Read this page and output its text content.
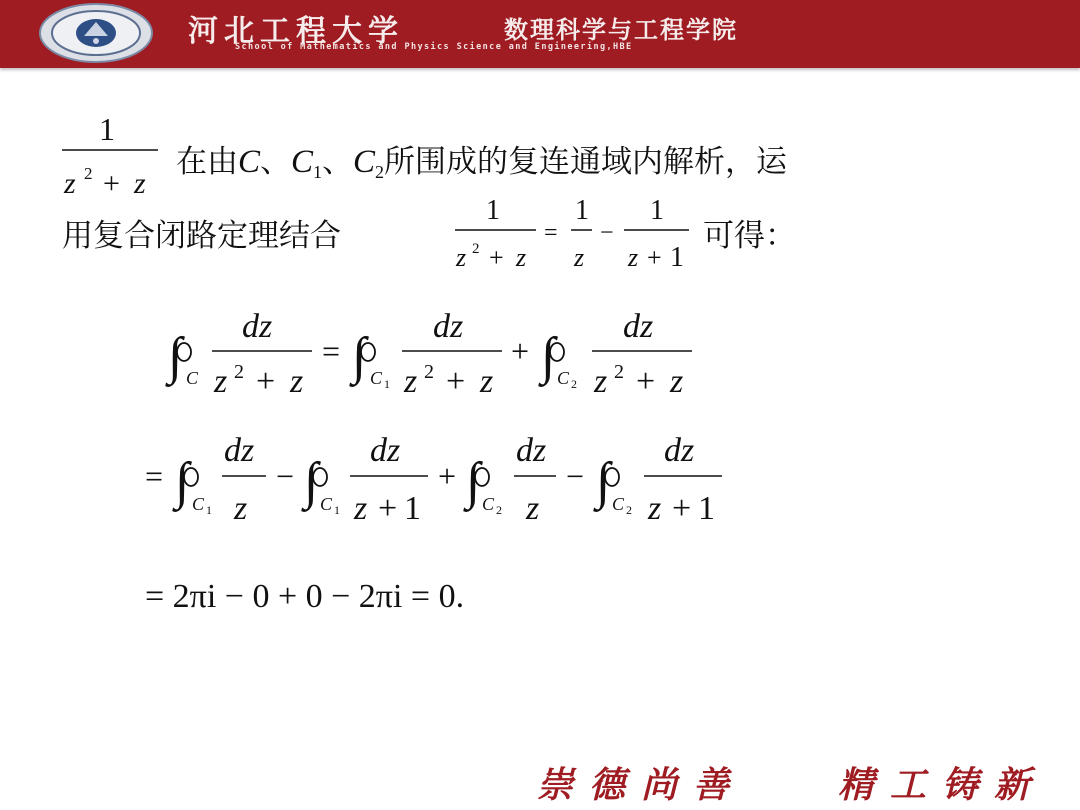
河北工程大学	数理科学与工程学院
School of Mathematics and Physics Science and Engineering,HBE
1
z 2 + z
在由C、C1、C2所围成的复连通域内解析，运
用复合闭路定理结合
1
z 2 + z
=
1
z
−
1
z + 1
可得：
∫ C
dz
z 2 + z
= ∫ C 1
dz
z 2 + z
+ ∫ C 2
dz
z 2 + z
= ∫ C 1
dz
z
− ∫ C 1
dz
z + 1
+ ∫ C 2
dz
z
− ∫ C 2
dz
z + 1
= 2πi − 0 + 0 − 2πi = 0.
崇德尚善	精工铸新
